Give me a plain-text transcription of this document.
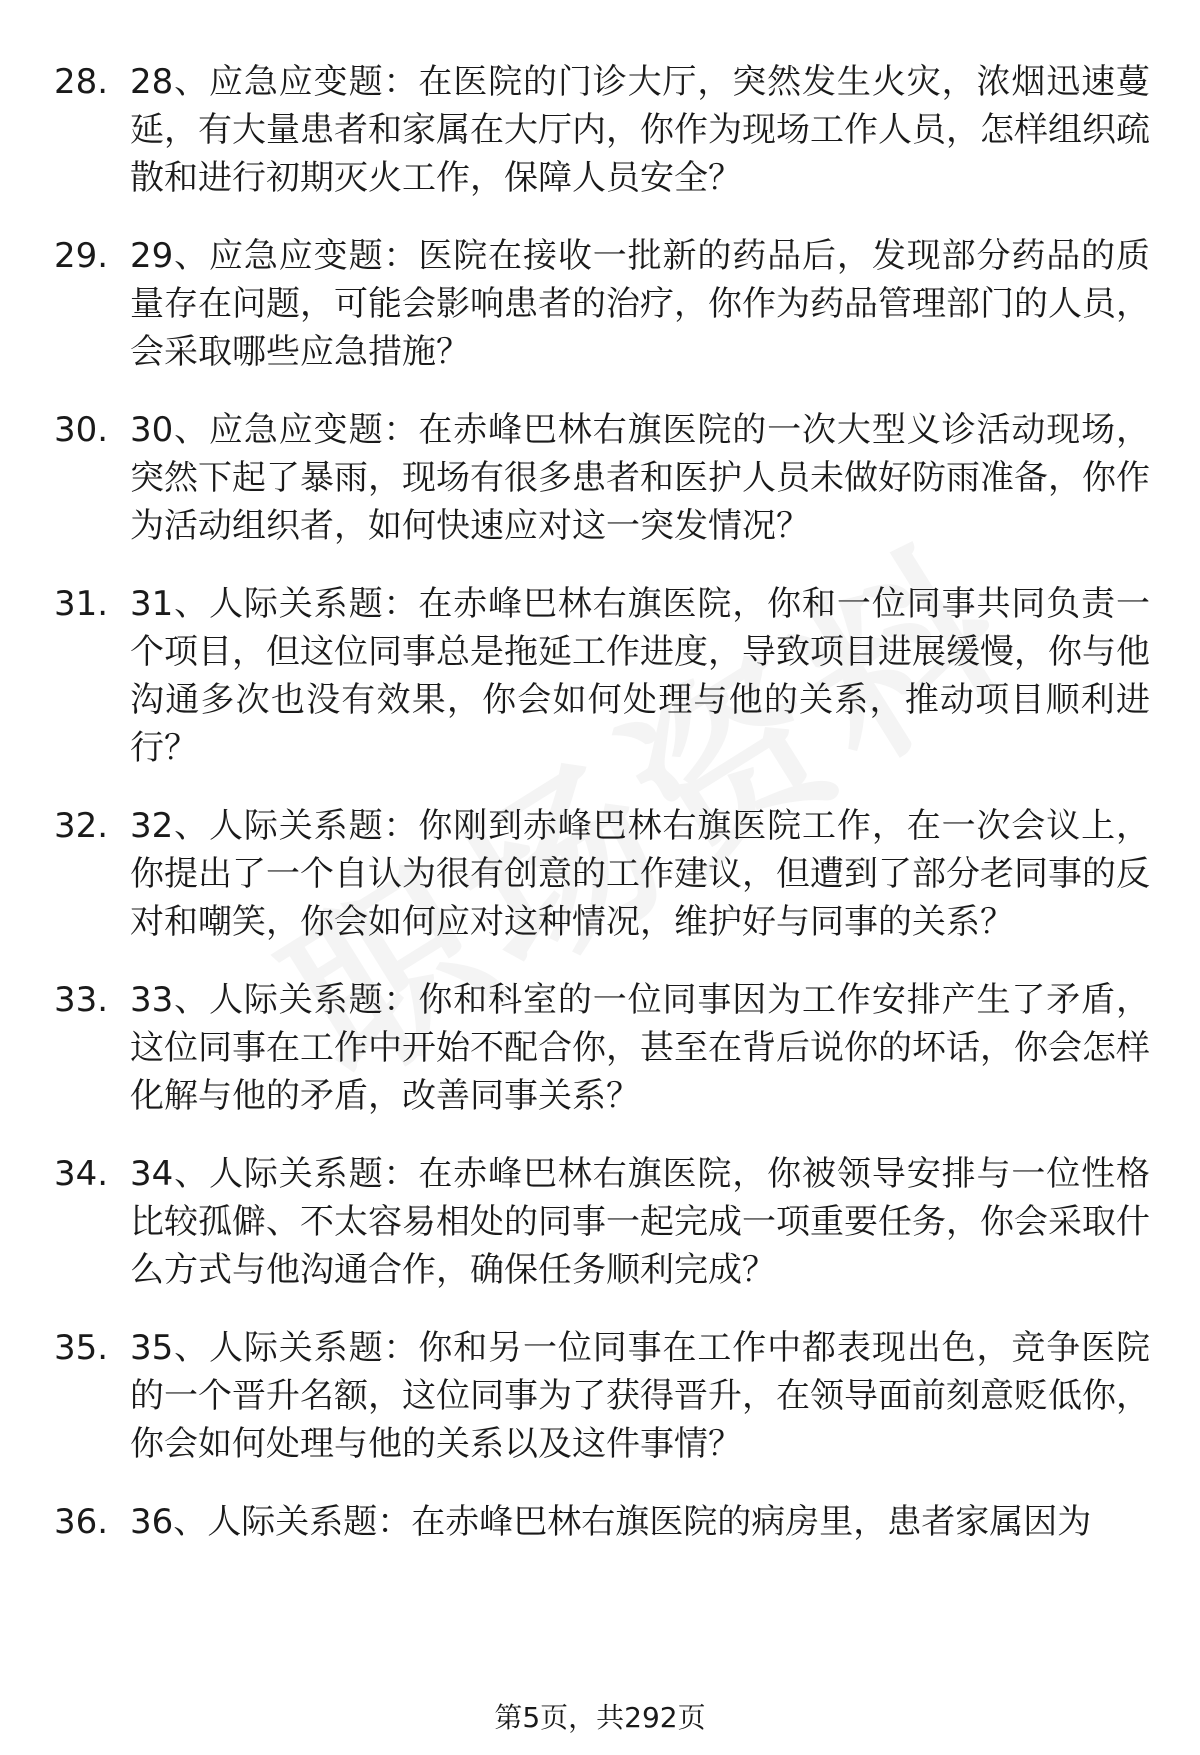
28. 28、应急应变题：在医院的门诊大厅，突然发生火灾，浓烟迅速蔓延，有大量患者和家属在大厅内，你作为现场工作人员，怎样组织疏散和进行初期灭火工作，保障人员安全？
29. 29、应急应变题：医院在接收一批新的药品后，发现部分药品的质量存在问题，可能会影响患者的治疗，你作为药品管理部门的人员，会采取哪些应急措施？
30. 30、应急应变题：在赤峰巴林右旗医院的一次大型义诊活动现场，突然下起了暴雨，现场有很多患者和医护人员未做好防雨准备，你作为活动组织者，如何快速应对这一突发情况？
31. 31、人际关系题：在赤峰巴林右旗医院，你和一位同事共同负责一个项目，但这位同事总是拖延工作进度，导致项目进展缓慢，你与他沟通多次也没有效果，你会如何处理与他的关系，推动项目顺利进行？
32. 32、人际关系题：你刚到赤峰巴林右旗医院工作，在一次会议上，你提出了一个自认为很有创意的工作建议，但遭到了部分老同事的反对和嘲笑，你会如何应对这种情况，维护好与同事的关系？
33. 33、人际关系题：你和科室的一位同事因为工作安排产生了矛盾，这位同事在工作中开始不配合你，甚至在背后说你的坏话，你会怎样化解与他的矛盾，改善同事关系？
34. 34、人际关系题：在赤峰巴林右旗医院，你被领导安排与一位性格比较孤僻、不太容易相处的同事一起完成一项重要任务，你会采取什么方式与他沟通合作，确保任务顺利完成？
35. 35、人际关系题：你和另一位同事在工作中都表现出色，竞争医院的一个晋升名额，这位同事为了获得晋升，在领导面前刻意贬低你，你会如何处理与他的关系以及这件事情？
36. 36、人际关系题：在赤峰巴林右旗医院的病房里，患者家属因为
第5页，共292页
